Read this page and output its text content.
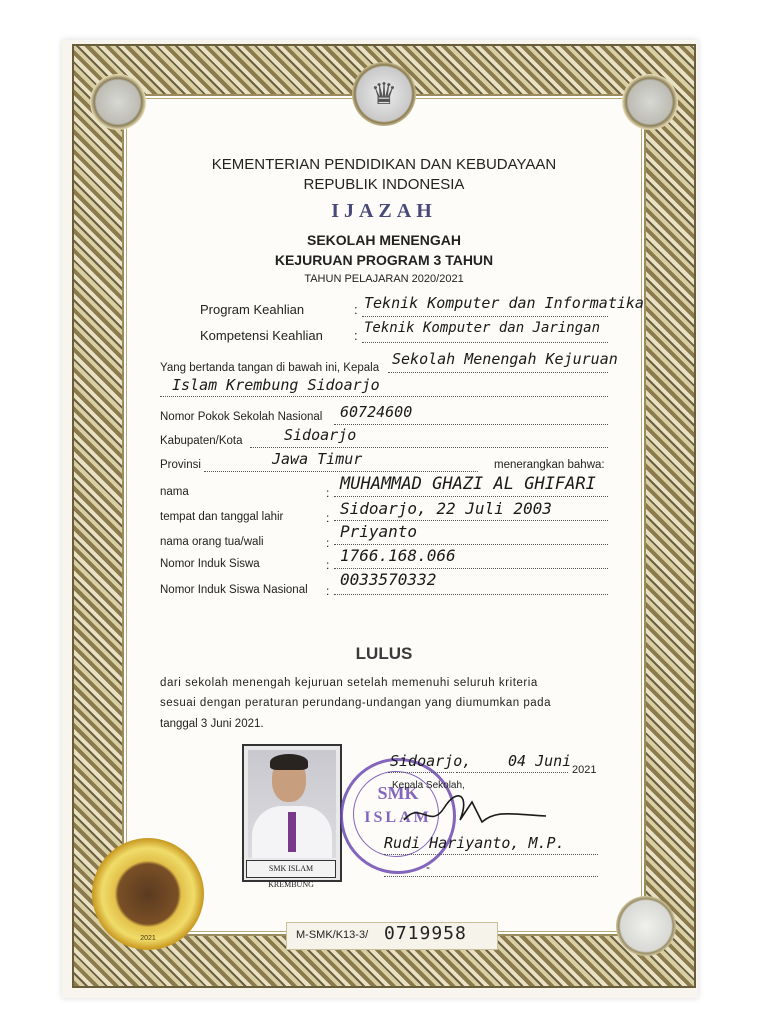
♛
KEMENTERIAN PENDIDIKAN DAN KEBUDAYAAN
REPUBLIK INDONESIA
IJAZAH
SEKOLAH MENENGAH
KEJURUAN PROGRAM 3 TAHUN
TAHUN PELAJARAN 2020/2021
Program Keahlian	: Teknik Komputer dan Informatika
Kompetensi Keahlian : Teknik Komputer dan Jaringan
Yang bertanda tangan di bawah ini, Kepala Sekolah Menengah Kejuruan
Islam Krembung Sidoarjo
Nomor Pokok Sekolah Nasional 60724600
Kabupaten/Kota	Sidoarjo
Provinsi	Jawa Timur	menerangkan bahwa:
nama	: MUHAMMAD GHAZI AL GHIFARI
tempat dan tanggal lahir	: Sidoarjo, 22 Juli 2003
nama orang tua/wali	:
Priyanto
Nomor Induk Siswa	: 1766.168.066
Nomor Induk Siswa Nasional :
0033570332
LULUS
dari sekolah menengah kejuruan setelah memenuhi seluruh kriteria
sesuai dengan peraturan perundang-undangan yang diumumkan pada
tanggal 3 Juni 2021.
SMK ISLAM KREMBUNG
SMK
ISLAM
Sidoarjo, 04 Juni 2021
Kepala Sekolah,
Rudi Hariyanto, M.P.
-
2021	M-SMK/K13-3/ 0719958
